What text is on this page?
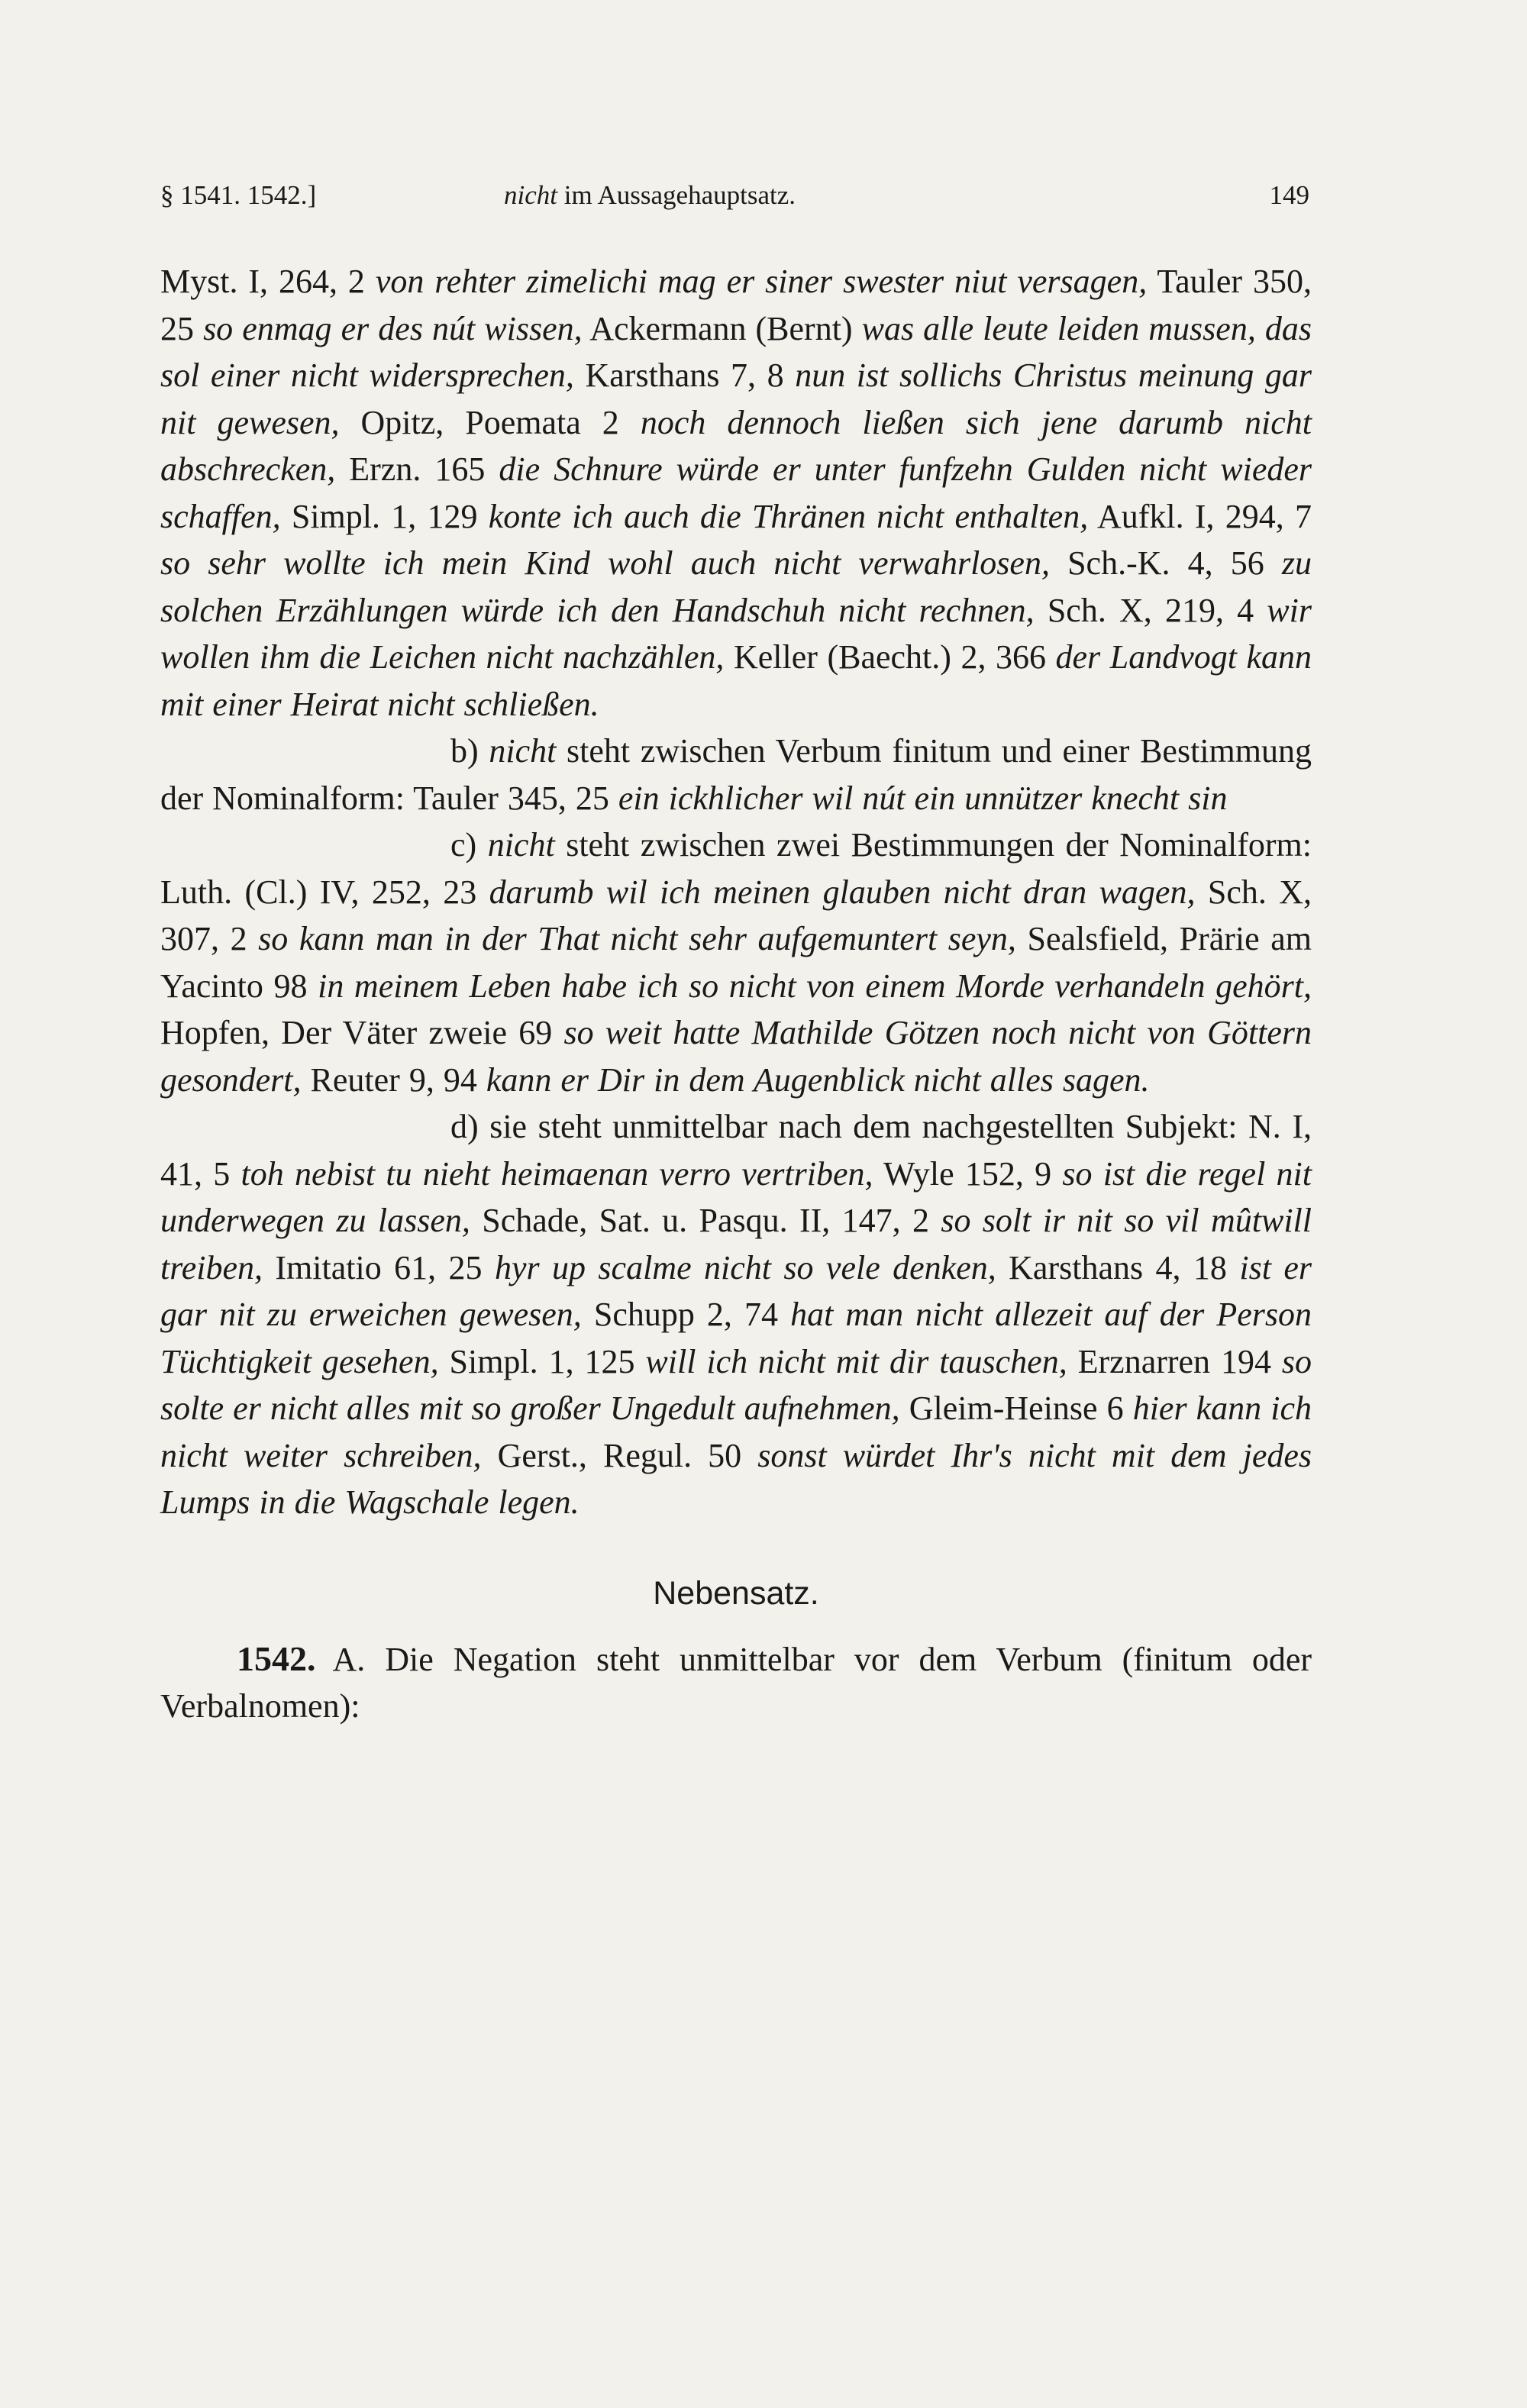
§ 1541. 1542.]	nicht im Aussagehauptsatz.	149

Myst. I, 264, 2 von rehter zimelichi mag er siner swester niut versagen, Tauler 350, 25 so enmag er des nút wissen, Ackermann (Bernt) was alle leute leiden mussen, das sol einer nicht widersprechen, Karsthans 7, 8 nun ist sollichs Christus meinung gar nit gewesen, Opitz, Poemata 2 noch dennoch ließen sich jene darumb nicht abschrecken, Erzn. 165 die Schnure würde er unter funfzehn Gulden nicht wieder schaffen, Simpl. 1, 129 konte ich auch die Thränen nicht enthalten, Aufkl. I, 294, 7 so sehr wollte ich mein Kind wohl auch nicht verwahrlosen, Sch.-K. 4, 56 zu solchen Erzählungen würde ich den Handschuh nicht rechnen, Sch. X, 219, 4 wir wollen ihm die Leichen nicht nachzählen, Keller (Baecht.) 2, 366 der Landvogt kann mit einer Heirat nicht schließen.

b) nicht steht zwischen Verbum finitum und einer Bestimmung der Nominalform: Tauler 345, 25 ein ickhlicher wil nút ein unnützer knecht sin

c) nicht steht zwischen zwei Bestimmungen der Nominalform: Luth. (Cl.) IV, 252, 23 darumb wil ich meinen glauben nicht dran wagen, Sch. X, 307, 2 so kann man in der That nicht sehr aufgemuntert seyn, Sealsfield, Prärie am Yacinto 98 in meinem Leben habe ich so nicht von einem Morde verhandeln gehört, Hopfen, Der Väter zweie 69 so weit hatte Mathilde Götzen noch nicht von Göttern gesondert, Reuter 9, 94 kann er Dir in dem Augenblick nicht alles sagen.

d) sie steht unmittelbar nach dem nachgestellten Subjekt: N. I, 41, 5 toh nebist tu nieht heimaenan verro vertriben, Wyle 152, 9 so ist die regel nit underwegen zu lassen, Schade, Sat. u. Pasqu. II, 147, 2 so solt ir nit so vil mûtwill treiben, Imitatio 61, 25 hyr up scalme nicht so vele denken, Karsthans 4, 18 ist er gar nit zu erweichen gewesen, Schupp 2, 74 hat man nicht allezeit auf der Person Tüchtigkeit gesehen, Simpl. 1, 125 will ich nicht mit dir tauschen, Erznarren 194 so solte er nicht alles mit so großer Ungedult aufnehmen, Gleim-Heinse 6 hier kann ich nicht weiter schreiben, Gerst., Regul. 50 sonst würdet Ihr's nicht mit dem jedes Lumps in die Wagschale legen.

Nebensatz.

1542. A. Die Negation steht unmittelbar vor dem Verbum (finitum oder Verbalnomen):
